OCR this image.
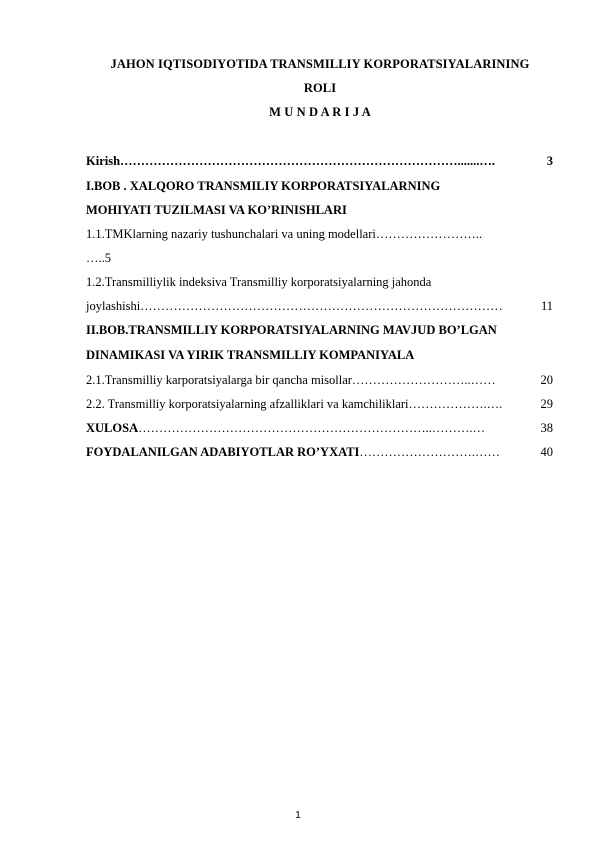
JAHON IQTISODIYOTIDA TRANSMILLIY KORPORATSIYALARINING
ROLI
M U N D A R I J A
Kirish ……………………………………………………………………….......….	3
I.BOB . XALQORO TRANSMILIY KORPORATSIYALARNING
MOHIYATI TUZILMASI VA KO’RINISHLARI
1.1.TMKlarning nazariy tushunchalari va uning modellari……………………..
…..5
1.2.Transmilliylik indeksiva Transmilliy korporatsiyalarning jahonda
joylashishi ……………………………………………………………………………	11
II.BOB.TRANSMILLIY KORPORATSIYALARNING MAVJUD BO’LGAN
DINAMIKASI VA YIRIK TRANSMILLIY KOMPANIYALA
2.1.Transmilliy karporatsiyalarga bir qancha misollar ………………………..……	20
2.2. Transmilliy korporatsiyalarning afzalliklari va kamchiliklari ……………….….	29
XULOSA ……………………………………………………………..……….…	38
FOYDALANILGAN ADABIYOTLAR RO’YXATI ……………………….……	40
1
